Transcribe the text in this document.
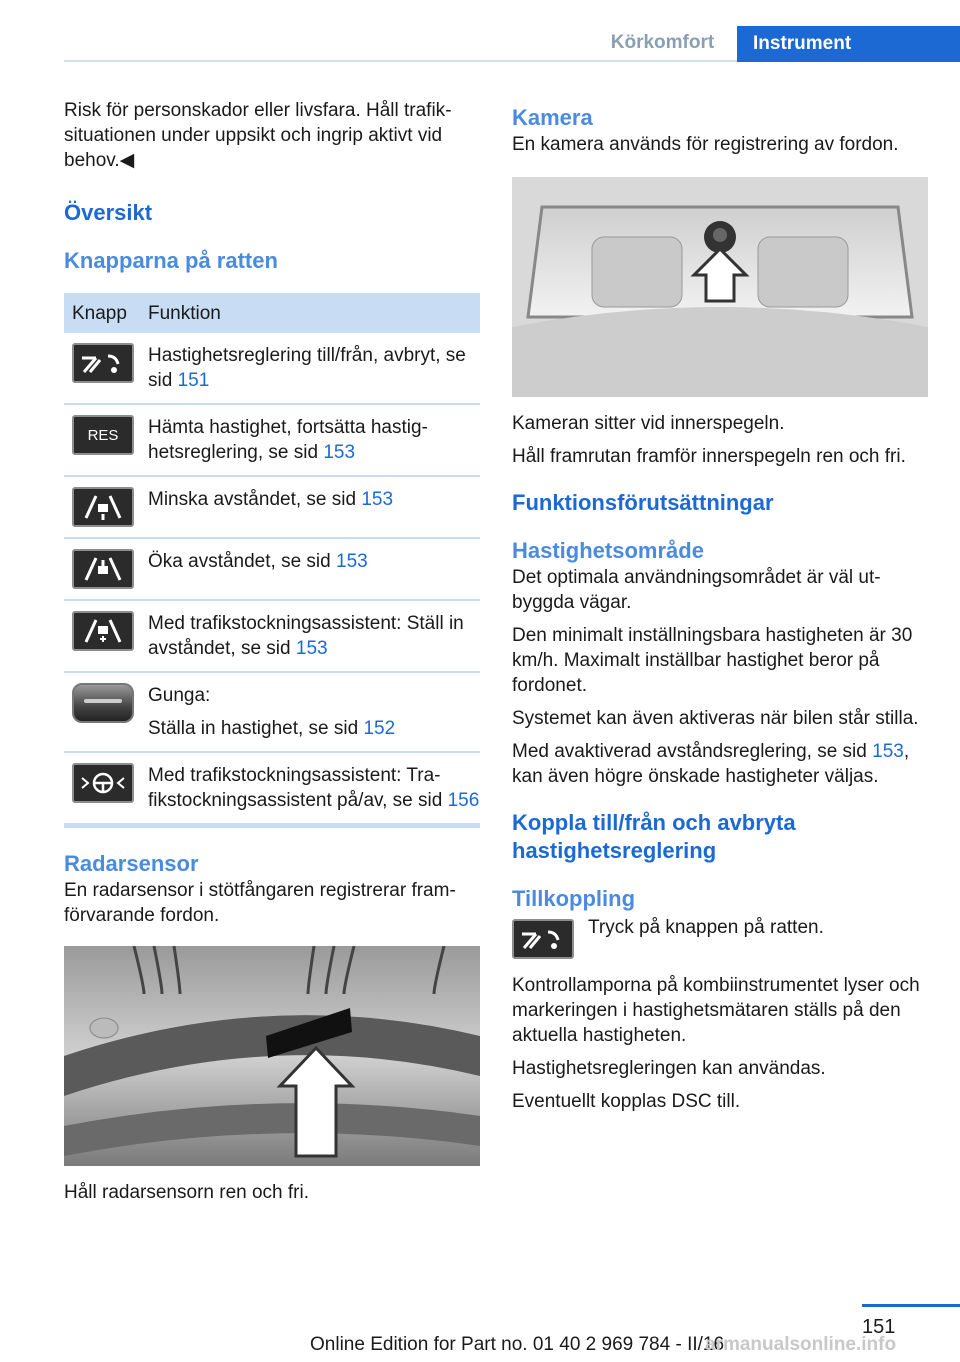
Körkomfort	Instrument

Risk för personskador eller livsfara. Håll trafiksituationen under uppsikt och ingrip aktivt vid behov.◀

Översikt
Knapparna på ratten
Knapp	Funktion

	Hastighetsreglering till/från, avbryt, se sid 151

RES	Hämta hastighet, fortsätta hastighetsreglering, se sid 153

	Minska avståndet, se sid 153

	Öka avståndet, se sid 153

	Med trafikstockningsassistent: Ställ in avståndet, se sid 153

	Gunga:

Ställa in hastighet, se sid 152

	Med trafikstockningsassistent: Trafikstockningsassistent på/av, se sid 156
Radarsensor

En radarsensor i stötfångaren registrerar framförvarande fordon.

Håll radarsensorn ren och fri.

Kamera

En kamera används för registrering av fordon.

Kameran sitter vid innerspegeln.

Håll framrutan framför innerspegeln ren och fri.

Funktionsförutsättningar
Hastighetsområde

Det optimala användningsområdet är väl utbyggda vägar.

Den minimalt inställningsbara hastigheten är 30 km/h. Maximalt inställbar hastighet beror på fordonet.

Systemet kan även aktiveras när bilen står stilla.

Med avaktiverad avståndsreglering, se sid 153, kan även högre önskade hastigheter väljas.

Koppla till/från och avbryta hastighetsreglering
Tillkoppling

Tryck på knappen på ratten.

Kontrollamporna på kombiinstrumentet lyser och markeringen i hastighetsmätaren ställs på den aktuella hastigheten.

Hastighetsregleringen kan användas.

Eventuellt kopplas DSC till.

151
Online Edition for Part no. 01 40 2 969 784 - II/16
armanualsonline.info
